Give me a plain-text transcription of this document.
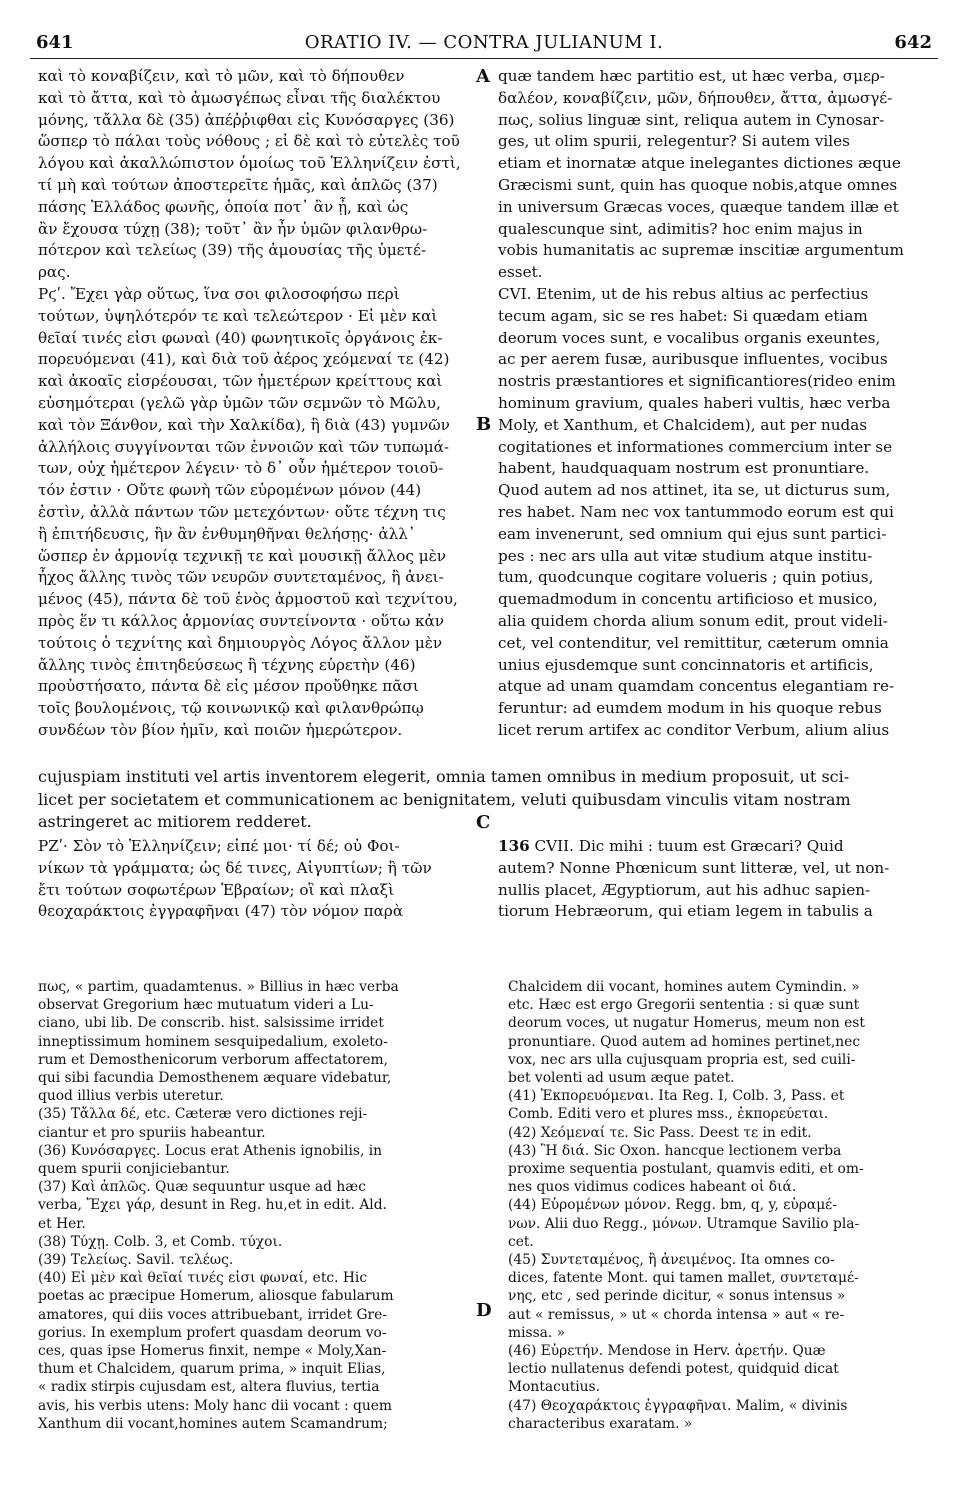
641	ORATIO IV. — CONTRA JULIANUM I.	642
καὶ τὸ κοναβίζειν, καὶ τὸ μῶν, καὶ τὸ δήπουθεν
καὶ τὸ ἄττα, καὶ τὸ ἀμωσγέπως εἶναι τῆς διαλέκτου
μόνης, τἄλλα δὲ (35) ἀπέῤῥιφθαι εἰς Κυνόσαργες (36)
ὥσπερ τὸ πάλαι τοὺς νόθους ; εἰ δὲ καὶ τὸ εὐτελὲς τοῦ
λόγου καὶ ἀκαλλώπιστον ὁμοίως τοῦ Ἑλληνίζειν ἐστὶ,
τί μὴ καὶ τούτων ἀποστερεῖτε ἡμᾶς, καὶ ἁπλῶς (37)
πάσης Ἑλλάδος φωνῆς, ὁποία ποτ᾽ ἂν ᾖ, καὶ ὡς
ἂν ἔχουσα τύχῃ (38); τοῦτ᾽ ἂν ἦν ὑμῶν φιλανθρω-
πότερον καὶ τελείως (39) τῆς ἀμουσίας τῆς ὑμετέ-
ρας.
Ρϛʹ. Ἔχει γὰρ οὕτως, ἵνα σοι φιλοσοφήσω περὶ
τούτων, ὑψηλότερόν τε καὶ τελεώτερον · Εἰ μὲν καὶ
θεῖαί τινές εἰσι φωναὶ (40) φωνητικοῖς ὀργάνοις ἐκ-
πορευόμεναι (41), καὶ διὰ τοῦ ἀέρος χεόμεναί τε (42)
καὶ ἀκοαῖς εἰσρέουσαι, τῶν ἡμετέρων κρείττους καὶ
εὐσημότεραι (γελῶ γὰρ ὑμῶν τῶν σεμνῶν τὸ Μῶλυ,
καὶ τὸν Ξάνθον, καὶ τὴν Χαλκίδα), ἢ διὰ (43) γυμνῶν
ἀλλήλοις συγγίνονται τῶν ἐννοιῶν καὶ τῶν τυπωμά-
των, οὐχ ἡμέτερον λέγειν· τὸ δ᾽ οὖν ἡμέτερον τοιοῦ-
τόν ἐστιν · Οὔτε φωνὴ τῶν εὑρομένων μόνον (44)
ἐστὶν, ἀλλὰ πάντων τῶν μετεχόντων· οὔτε τέχνη τις
ἢ ἐπιτήδευσις, ἣν ἂν ἐνθυμηθῆναι θελήσῃς· ἀλλ᾽
ὥσπερ ἐν ἁρμονίᾳ τεχνικῇ τε καὶ μουσικῇ ἄλλος μὲν
ἦχος ἄλλης τινὸς τῶν νευρῶν συντεταμένος, ἢ ἀνει-
μένος (45), πάντα δὲ τοῦ ἑνὸς ἁρμοστοῦ καὶ τεχνίτου,
πρὸς ἕν τι κάλλος ἁρμονίας συντείνοντα · οὕτω κἀν
τούτοις ὁ τεχνίτης καὶ δημιουργὸς Λόγος ἄλλον μὲν
ἄλλης τινὸς ἐπιτηδεύσεως ἢ τέχνης εὑρετὴν (46)
προὐστήσατο, πάντα δὲ εἰς μέσον προὔθηκε πᾶσι
τοῖς βουλομένοις, τῷ κοινωνικῷ καὶ φιλανθρώπῳ
συνδέων τὸν βίον ἡμῖν, καὶ ποιῶν ἡμερώτερον.
A
B
C
D
quæ tandem hæc partitio est, ut hæc verba, σμερ-
δαλέον, κοναβίζειν, μῶν, δήπουθεν, ἄττα, ἀμωσγέ-
πως, solius linguæ sint, reliqua autem in Cynosar-
ges, ut olim spurii, relegentur? Si autem viles
etiam et inornatæ atque inelegantes dictiones æque
Græcismi sunt, quin has quoque nobis,atque omnes
in universum Græcas voces, quæque tandem illæ et
qualescunque sint, adimitis? hoc enim majus in
vobis humanitatis ac supremæ inscitiæ argumentum
esset.
CVI. Etenim, ut de his rebus altius ac perfectius
tecum agam, sic se res habet: Si quædam etiam
deorum voces sunt, e vocalibus organis exeuntes,
ac per aerem fusæ, auribusque influentes, vocibus
nostris præstantiores et significantiores(rideo enim
hominum gravium, quales haberi vultis, hæc verba
Moly, et Xanthum, et Chalcidem), aut per nudas
cogitationes et informationes commercium inter se
habent, haudquaquam nostrum est pronuntiare.
Quod autem ad nos attinet, ita se, ut dicturus sum,
res habet. Nam nec vox tantummodo eorum est qui
eam invenerunt, sed omnium qui ejus sunt partici-
pes : nec ars ulla aut vitæ studium atque institu-
tum, quodcunque cogitare volueris ; quin potius,
quemadmodum in concentu artificioso et musico,
alia quidem chorda alium sonum edit, prout videli-
cet, vel contenditur, vel remittitur, cæterum omnia
unius ejusdemque sunt concinnatoris et artificis,
atque ad unam quamdam concentus elegantiam re-
feruntur: ad eumdem modum in his quoque rebus
licet rerum artifex ac conditor Verbum, alium alius
cujuspiam instituti vel artis inventorem elegerit, omnia tamen omnibus in medium proposuit, ut sci-
licet per societatem et communicationem ac benignitatem, veluti quibusdam vinculis vitam nostram
astringeret ac mitiorem redderet.
ΡΖʹ· Σὸν τὸ Ἑλληνίζειν; εἰπέ μοι· τί δέ; οὐ Φοι-
νίκων τὰ γράμματα; ὡς δέ τινες, Αἰγυπτίων; ἢ τῶν
ἔτι τούτων σοφωτέρων Ἑβραίων; οἳ καὶ πλαξὶ
θεοχαράκτοις ἐγγραφῆναι (47) τὸν νόμον παρὰ
136 CVII. Dic mihi : tuum est Græcari? Quid
autem? Nonne Phœnicum sunt litteræ, vel, ut non-
nullis placet, Ægyptiorum, aut his adhuc sapien-
tiorum Hebræorum, qui etiam legem in tabulis a
πως, « partim, quadamtenus. » Billius in hæc verba
observat Gregorium hæc mutuatum videri a Lu-
ciano, ubi lib. De conscrib. hist. salsissime irridet
inneptissimum hominem sesquipedalium, exoleto-
rum et Demosthenicorum verborum affectatorem,
qui sibi facundia Demosthenem æquare videbatur,
quod illius verbis uteretur.
(35) Τἄλλα δέ, etc. Cæteræ vero dictiones reji-
ciantur et pro spuriis habeantur.
(36) Κυνόσαργες. Locus erat Athenis ignobilis, in
quem spurii conjiciebantur.
(37) Καὶ ἁπλῶς. Quæ sequuntur usque ad hæc
verba, Ἔχει γάρ, desunt in Reg. hu,et in edit. Ald.
et Her.
(38) Τύχῃ. Colb. 3, et Comb. τύχοι.
(39) Τελείως. Savil. τελέως.
(40) Εἰ μὲν καὶ θεῖαί τινές εἰσι φωναί, etc. Hic
poetas ac præcipue Homerum, aliosque fabularum
amatores, qui diis voces attribuebant, irridet Gre-
gorius. In exemplum profert quasdam deorum vo-
ces, quas ipse Homerus finxit, nempe « Moly,Xan-
thum et Chalcidem, quarum prima, » inquit Elias,
« radix stirpis cujusdam est, altera fluvius, tertia
avis, his verbis utens: Moly hanc dii vocant : quem
Xanthum dii vocant,homines autem Scamandrum;
Chalcidem dii vocant, homines autem Cymindin. »
etc. Hæc est ergo Gregorii sententia : si quæ sunt
deorum voces, ut nugatur Homerus, meum non est
pronuntiare. Quod autem ad homines pertinet,nec
vox, nec ars ulla cujusquam propria est, sed cuili-
bet volenti ad usum æque patet.
(41) Ἐκπορευόμεναι. Ita Reg. I, Colb. 3, Pass. et
Comb. Editi vero et plures mss., ἐκπορεύεται.
(42) Χεόμεναί τε. Sic Pass. Deest τε in edit.
(43) Ἢ διά. Sic Oxon. hancque lectionem verba
proxime sequentia postulant, quamvis editi, et om-
nes quos vidimus codices habeant οἱ διά.
(44) Εὑρομένων μόνον. Regg. bm, q, y, εὑραμέ-
νων. Alii duo Regg., μόνων. Utramque Savilio pla-
cet.
(45) Συντεταμένος, ἢ ἀνειμένος. Ita omnes co-
dices, fatente Mont. qui tamen mallet, συντεταμέ-
νης, etc , sed perinde dicitur, « sonus intensus »
aut « remissus, » ut « chorda intensa » aut « re-
missa. »
(46) Εὑρετήν. Mendose in Herv. ἀρετήν. Quæ
lectio nullatenus defendi potest, quidquid dicat
Montacutius.
(47) Θεοχαράκτοις ἐγγραφῆναι. Malim, « divinis
characteribus exaratam. »
